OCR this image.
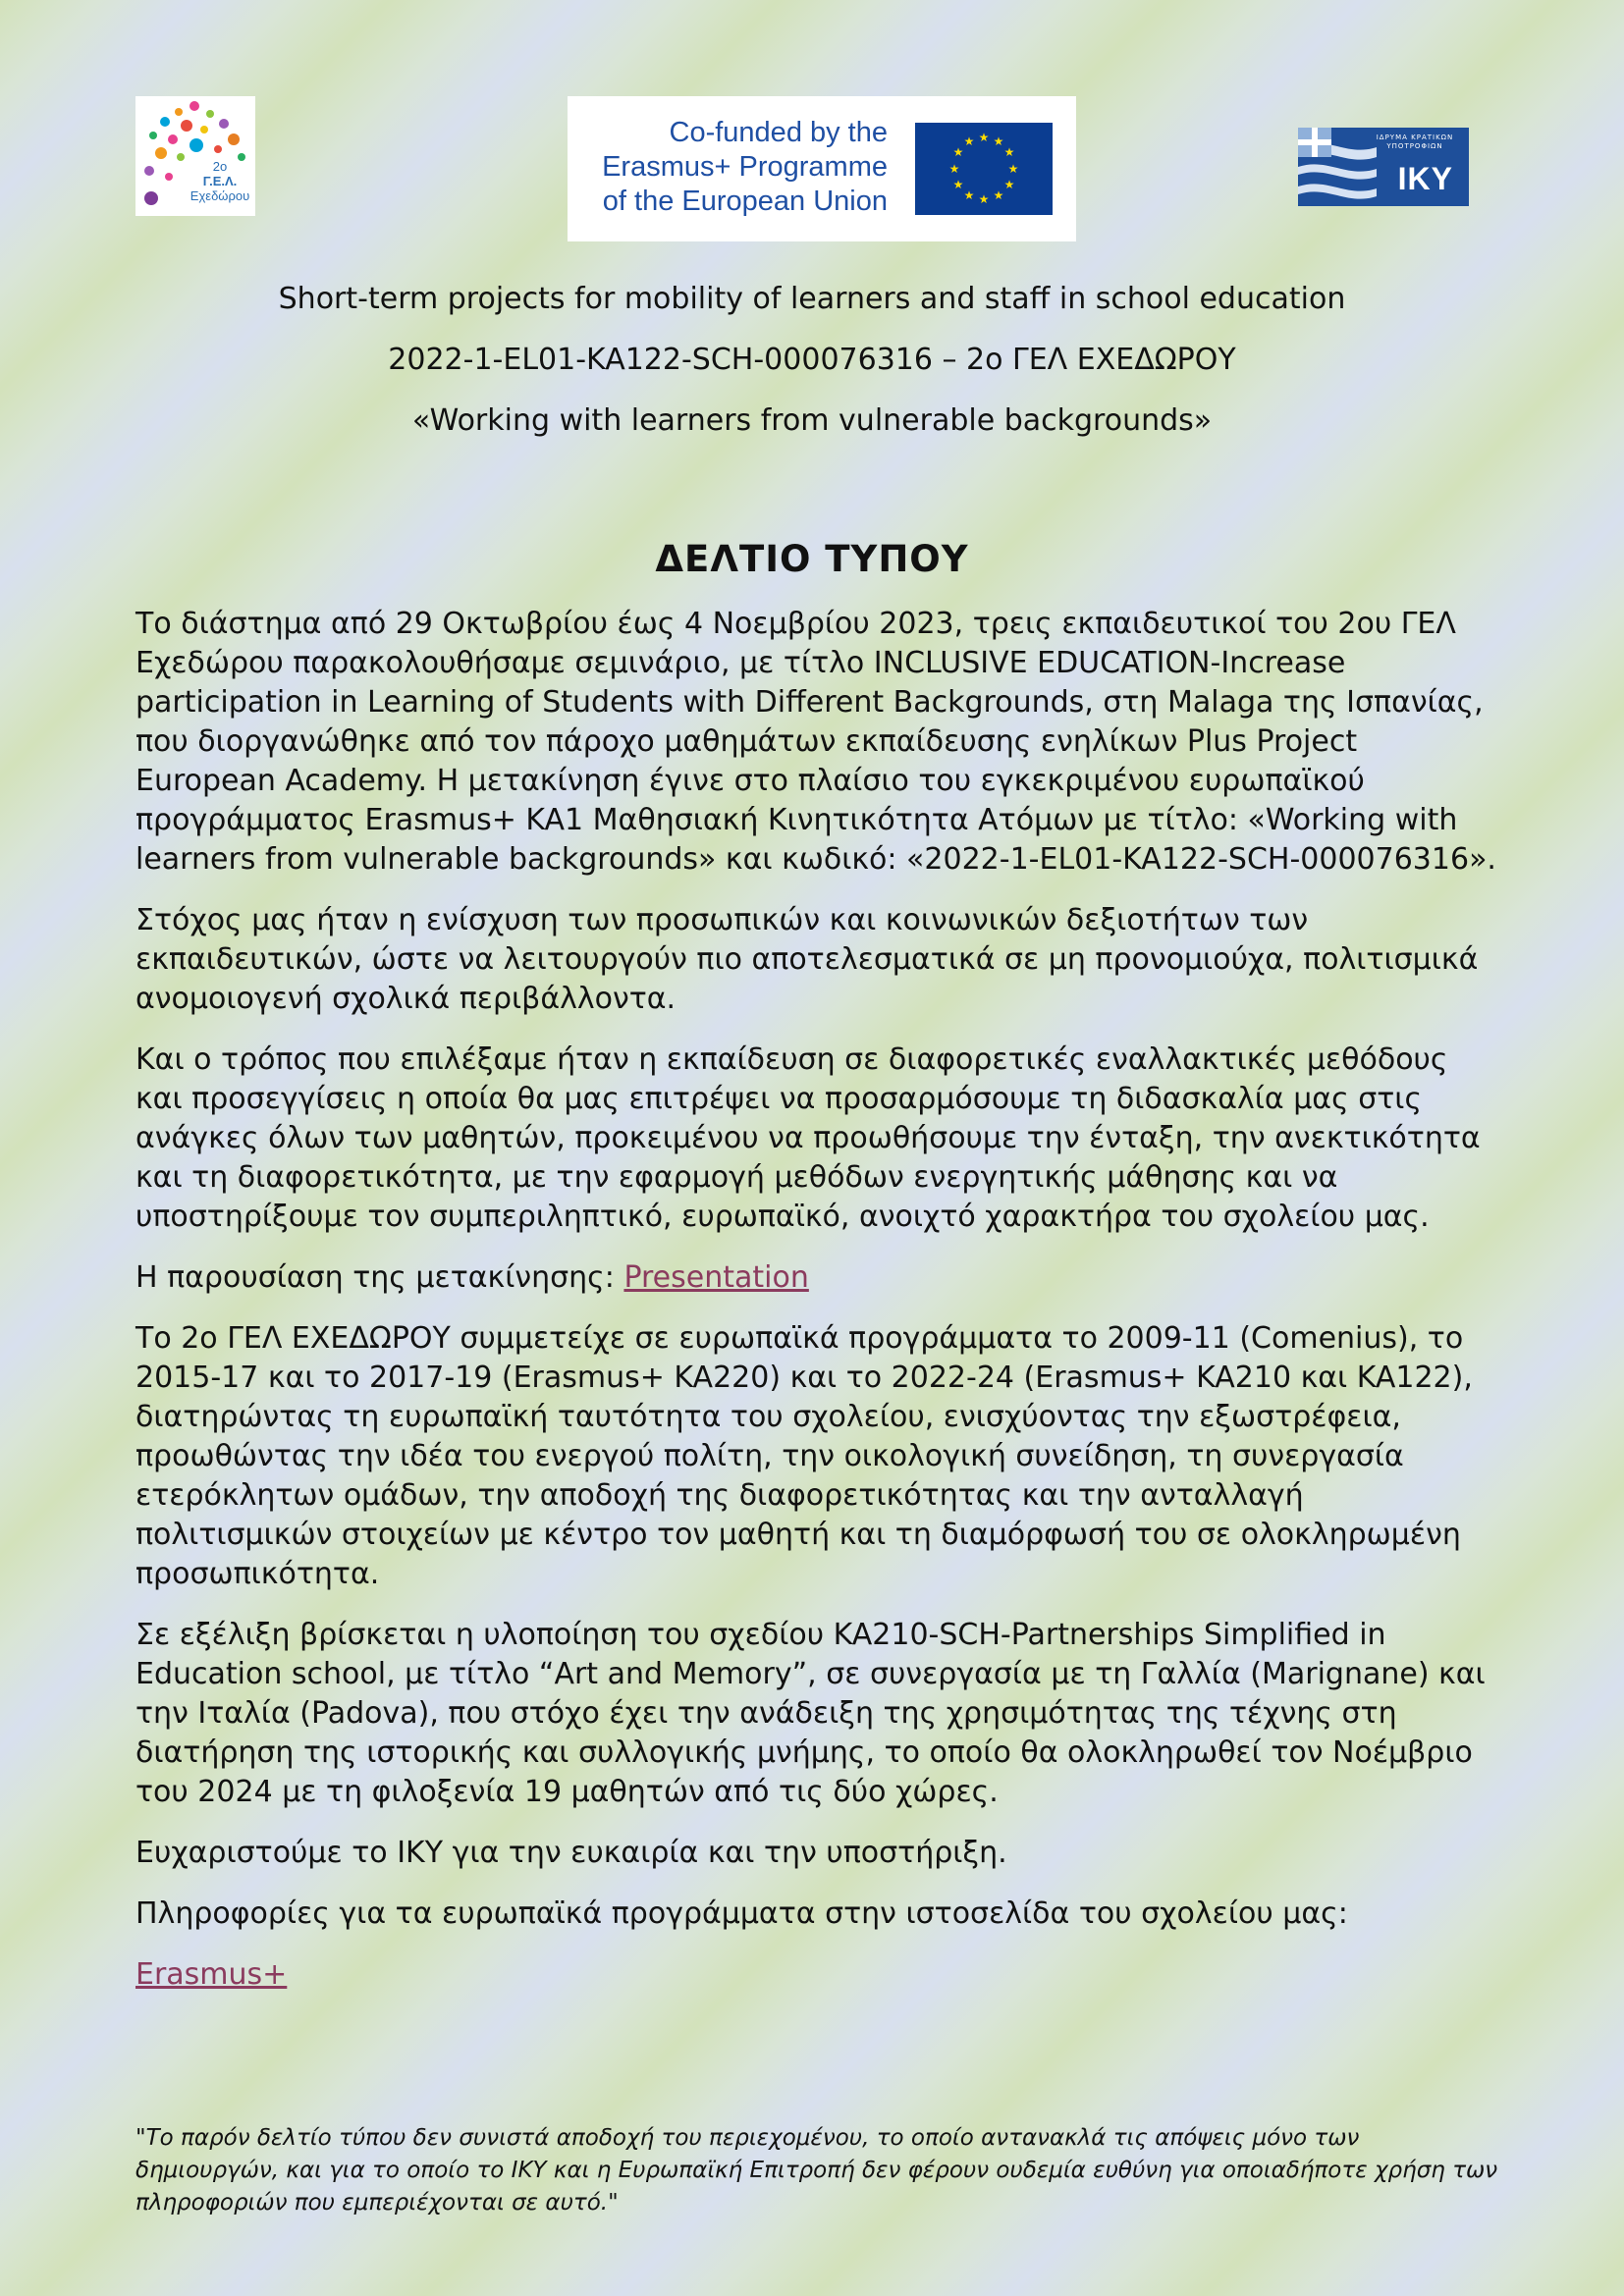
2ο
Γ.Ε.Λ.
Εχεδώρου
Co-funded by the
Erasmus+ Programme
of the European Union
★ ★
★
★
★
★
★
★
★
★
★
★	ΙΔΡΥΜΑ ΚΡΑΤΙΚΩΝ ΥΠΟΤΡΟΦΙΩΝ
IKY
Short-term projects for mobility of learners and staff in school education
2022-1-EL01-KA122-SCH-000076316 – 2ο ΓΕΛ ΕΧΕΔΩΡΟΥ
«Working with learners from vulnerable backgrounds»
ΔΕΛΤΙΟ ΤΥΠΟΥ

Το διάστημα από 29 Οκτωβρίου έως 4 Νοεμβρίου 2023, τρεις εκπαιδευτικοί του 2ου ΓΕΛ Εχεδώρου παρακολουθήσαμε σεμινάριο, με τίτλο INCLUSIVE EDUCATION-Increase participation in Learning of Students with Different Backgrounds, στη Malaga της Ισπανίας, που διοργανώθηκε από τον πάροχο μαθημάτων εκπαίδευσης ενηλίκων Plus Project European Academy. Η μετακίνηση έγινε στο πλαίσιο του εγκεκριμένου ευρωπαϊκού προγράμματος Erasmus+ KA1 Μαθησιακή Κινητικότητα Ατόμων με τίτλο: «Working with learners from vulnerable backgrounds» και κωδικό: «2022-1-EL01-KA122-SCH-000076316».

Στόχος μας ήταν η ενίσχυση των προσωπικών και κοινωνικών δεξιοτήτων των εκπαιδευτικών, ώστε να λειτουργούν πιο αποτελεσματικά σε μη προνομιούχα, πολιτισμικά ανομοιογενή σχολικά περιβάλλοντα.

Και ο τρόπος που επιλέξαμε ήταν η εκπαίδευση σε διαφορετικές εναλλακτικές μεθόδους και προσεγγίσεις η οποία θα μας επιτρέψει να προσαρμόσουμε τη διδασκαλία μας στις ανάγκες όλων των μαθητών, προκειμένου να προωθήσουμε την ένταξη, την ανεκτικότητα και τη διαφορετικότητα, με την εφαρμογή μεθόδων ενεργητικής μάθησης και να υποστηρίξουμε τον συμπεριληπτικό, ευρωπαϊκό, ανοιχτό χαρακτήρα του σχολείου μας.

Η παρουσίαση της μετακίνησης: Presentation

Το 2ο ΓΕΛ ΕΧΕΔΩΡΟΥ συμμετείχε σε ευρωπαϊκά προγράμματα το 2009-11 (Comenius), το 2015-17 και το 2017-19 (Erasmus+ KA220) και το 2022-24 (Erasmus+ KA210 και KA122), διατηρώντας τη ευρωπαϊκή ταυτότητα του σχολείου, ενισχύοντας την εξωστρέφεια, προωθώντας την ιδέα του ενεργού πολίτη, την οικολογική συνείδηση, τη συνεργασία ετερόκλητων ομάδων, την αποδοχή της διαφορετικότητας και την ανταλλαγή πολιτισμικών στοιχείων με κέντρο τον μαθητή και τη διαμόρφωσή του σε ολοκληρωμένη προσωπικότητα.

Σε εξέλιξη βρίσκεται η υλοποίηση του σχεδίου KA210-SCH-Partnerships Simplified in Education school, με τίτλο “Art and Memory”, σε συνεργασία με τη Γαλλία (Marignane) και την Ιταλία (Padova), που στόχο έχει την ανάδειξη της χρησιμότητας της τέχνης στη διατήρηση της ιστορικής και συλλογικής μνήμης, το οποίο θα ολοκληρωθεί τον Νοέμβριο του 2024 με τη φιλοξενία 19 μαθητών από τις δύο χώρες.

Ευχαριστούμε το ΙΚΥ για την ευκαιρία και την υποστήριξη.

Πληροφορίες για τα ευρωπαϊκά προγράμματα στην ιστοσελίδα του σχολείου μας:

Erasmus+

"Το παρόν δελτίο τύπου δεν συνιστά αποδοχή του περιεχομένου, το οποίο αντανακλά τις απόψεις μόνο των δημιουργών, και για το οποίο το ΙΚΥ και η Ευρωπαϊκή Επιτροπή δεν φέρουν ουδεμία ευθύνη για οποιαδήποτε χρήση των πληροφοριών που εμπεριέχονται σε αυτό."
